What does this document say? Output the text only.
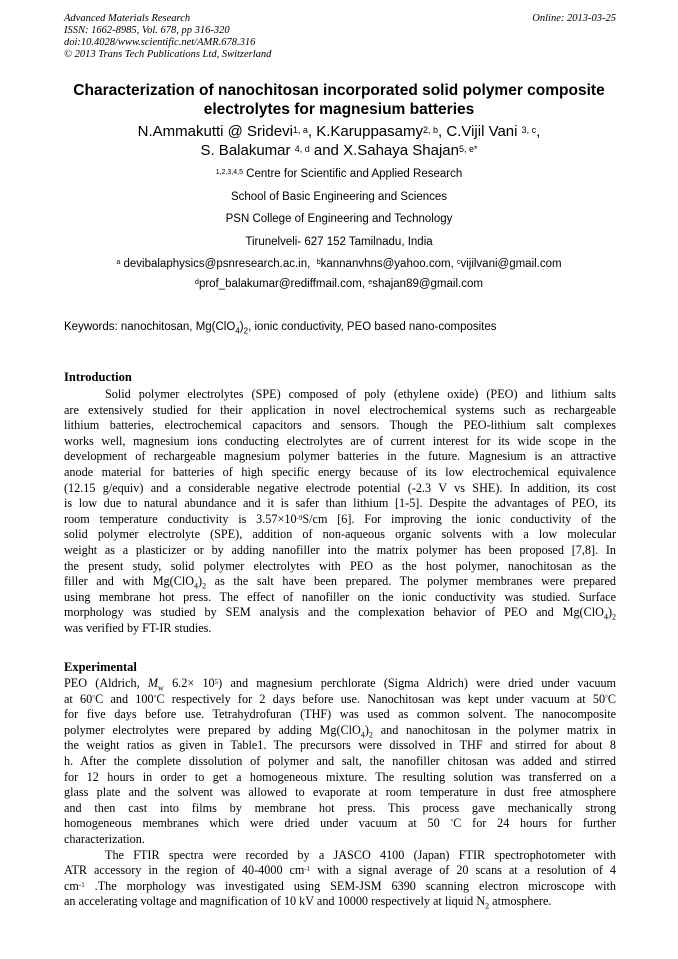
Advanced Materials Research
ISSN: 1662-8985, Vol. 678, pp 316-320
doi:10.4028/www.scientific.net/AMR.678.316
© 2013 Trans Tech Publications Ltd, Switzerland
Online: 2013-03-25
Characterization of nanochitosan incorporated solid polymer composite
electrolytes for magnesium batteries
N.Ammakutti @ Sridevi$^{1, a}$, K.Karuppasamy$^{2, b}$, C.Vijil Vani $^{3, c}$,
S. Balakumar $^{4, d}$ and X.Sahaya Shajan$^{5, e*}$
$^{1,2,3,4,5}$ Centre for Scientific and Applied Research
School of Basic Engineering and Sciences
PSN College of Engineering and Technology
Tirunelveli- 627 152 Tamilnadu, India
$^a$ devibalaphysics@psnresearch.ac.in,  $^b$kannanvhns@yahoo.com, $^c$vijilvani@gmail.com
$^d$prof_balakumar@rediffmail.com, $^e$shajan89@gmail.com
Keywords: nanochitosan, $Mg(ClO_4)_2$, ionic conductivity, PEO based nano-composites
Introduction
Solid polymer electrolytes (SPE) composed of poly (ethylene oxide) (PEO) and lithium salts
are extensively studied for their application in novel electrochemical systems such as rechargeable
lithium batteries, electrochemical capacitors and sensors. Though the PEO-lithium salt complexes
works well, magnesium ions conducting electrolytes are of current interest for its wide scope in the
development of rechargeable magnesium polymer batteries in the future. Magnesium is an attractive
anode material for batteries of high specific energy because of its low electrochemical equivalence
(12.15 g/equiv) and a considerable negative electrode potential (-2.3 V vs SHE). In addition, its cost
is low due to natural abundance and it is safer than lithium [1-5]. Despite the advantages of PEO, its
room temperature conductivity is $3.57\times 10^{-9}S/cm$ [6]. For improving the ionic conductivity of the
solid polymer electrolyte (SPE), addition of non-aqueous organic solvents with a low molecular
weight as a plasticizer or by adding nanofiller into the matrix polymer has been proposed [7,8]. In
the present study, solid polymer electrolytes with PEO as the host polymer, nanochitosan as the
filler and with $Mg(ClO_4)_2$ as the salt have been prepared. The polymer membranes were prepared
using membrane hot press. The effect of nanofiller on the ionic conductivity was studied. Surface
morphology was studied by SEM analysis and the complexation behavior of PEO and $Mg(ClO_4)_2$
was verified by FT-IR studies.
Experimental
PEO (Aldrich, $M_w$ $6.2\times 10^5$) and magnesium perchlorate (Sigma Aldrich) were dried under vacuum
at 60°C and 100°C respectively for 2 days before use. Nanochitosan was kept under vacuum at 50°C
for five days before use. Tetrahydrofuran (THF) was used as common solvent. The nanocomposite
polymer electrolytes were prepared by adding $Mg(ClO_4)_2$ and nanochitosan in the polymer matrix in
the weight ratios as given in Table1. The precursors were dissolved in THF and stirred for about 8
h. After the complete dissolution of polymer and salt, the nanofiller chitosan was added and stirred
for 12 hours in order to get a homogeneous mixture. The resulting solution was transferred on a
glass plate and the solvent was allowed to evaporate at room temperature in dust free atmosphere
and then cast into films by membrane hot press. This process gave mechanically strong
homogeneous membranes which were dried under vacuum at 50 °C for 24 hours for further
characterization.
The FTIR spectra were recorded by a JASCO 4100 (Japan) FTIR spectrophotometer with
ATR accessory in the region of 40-4000 $cm^{-1}$ with a signal average of 20 scans at a resolution of 4
$cm^{-1}$ .The morphology was investigated using SEM-JSM 6390 scanning electron microscope with
an accelerating voltage and magnification of 10 kV and 10000 respectively at liquid $N_2$ atmosphere.
